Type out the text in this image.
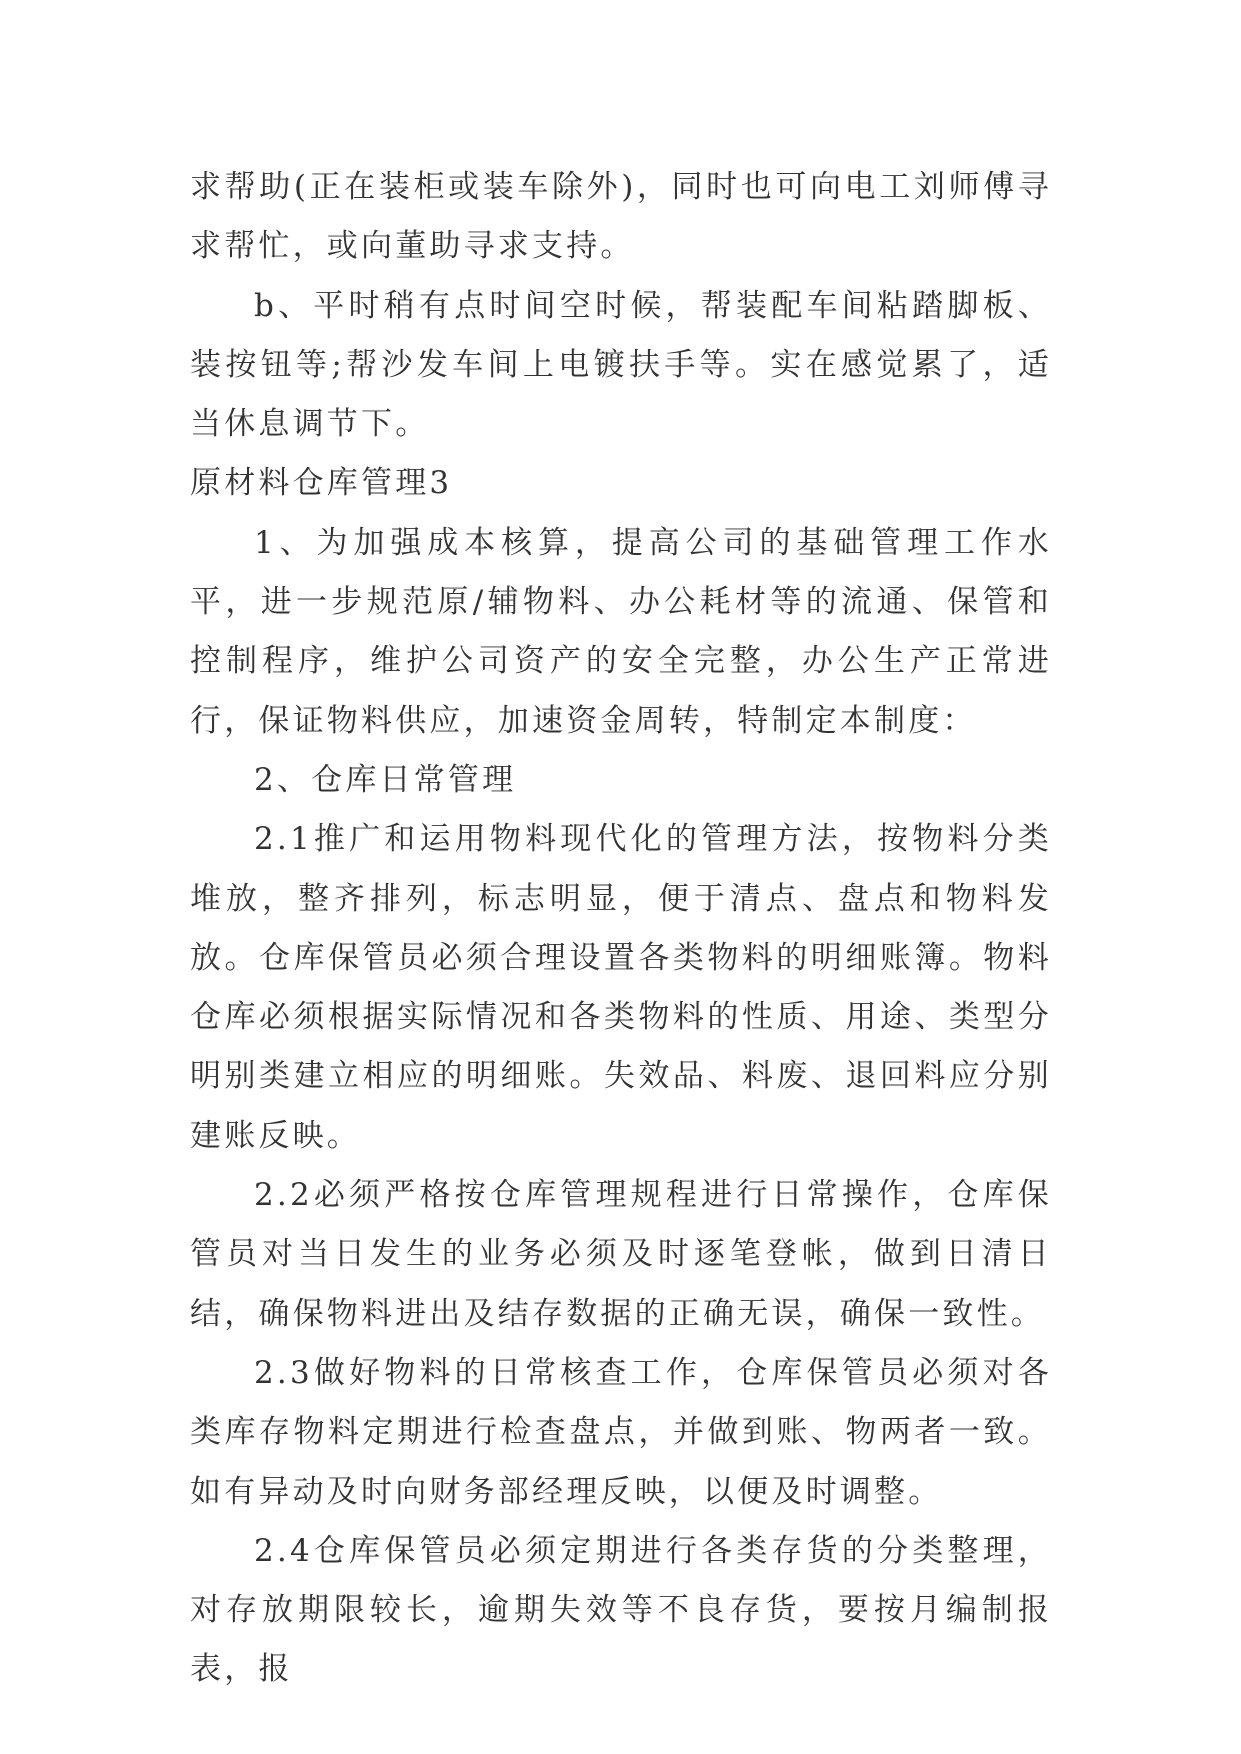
求帮助(正在装柜或装车除外)，同时也可向电工刘师傅寻求帮忙，或向董助寻求支持。

b、平时稍有点时间空时候，帮装配车间粘踏脚板、装按钮等;帮沙发车间上电镀扶手等。实在感觉累了，适当休息调节下。

原材料仓库管理3

1、为加强成本核算，提高公司的基础管理工作水平，进一步规范原/辅物料、办公耗材等的流通、保管和控制程序，维护公司资产的安全完整，办公生产正常进行，保证物料供应，加速资金周转，特制定本制度：

2、仓库日常管理

2.1推广和运用物料现代化的管理方法，按物料分类堆放，整齐排列，标志明显，便于清点、盘点和物料发放。仓库保管员必须合理设置各类物料的明细账簿。物料仓库必须根据实际情况和各类物料的性质、用途、类型分明别类建立相应的明细账。失效品、料废、退回料应分别建账反映。

2.2必须严格按仓库管理规程进行日常操作，仓库保管员对当日发生的业务必须及时逐笔登帐，做到日清日结，确保物料进出及结存数据的正确无误，确保一致性。

2.3做好物料的日常核查工作，仓库保管员必须对各类库存物料定期进行检查盘点，并做到账、物两者一致。如有异动及时向财务部经理反映，以便及时调整。

2.4仓库保管员必须定期进行各类存货的分类整理，对存放期限较长，逾期失效等不良存货，要按月编制报表，报
